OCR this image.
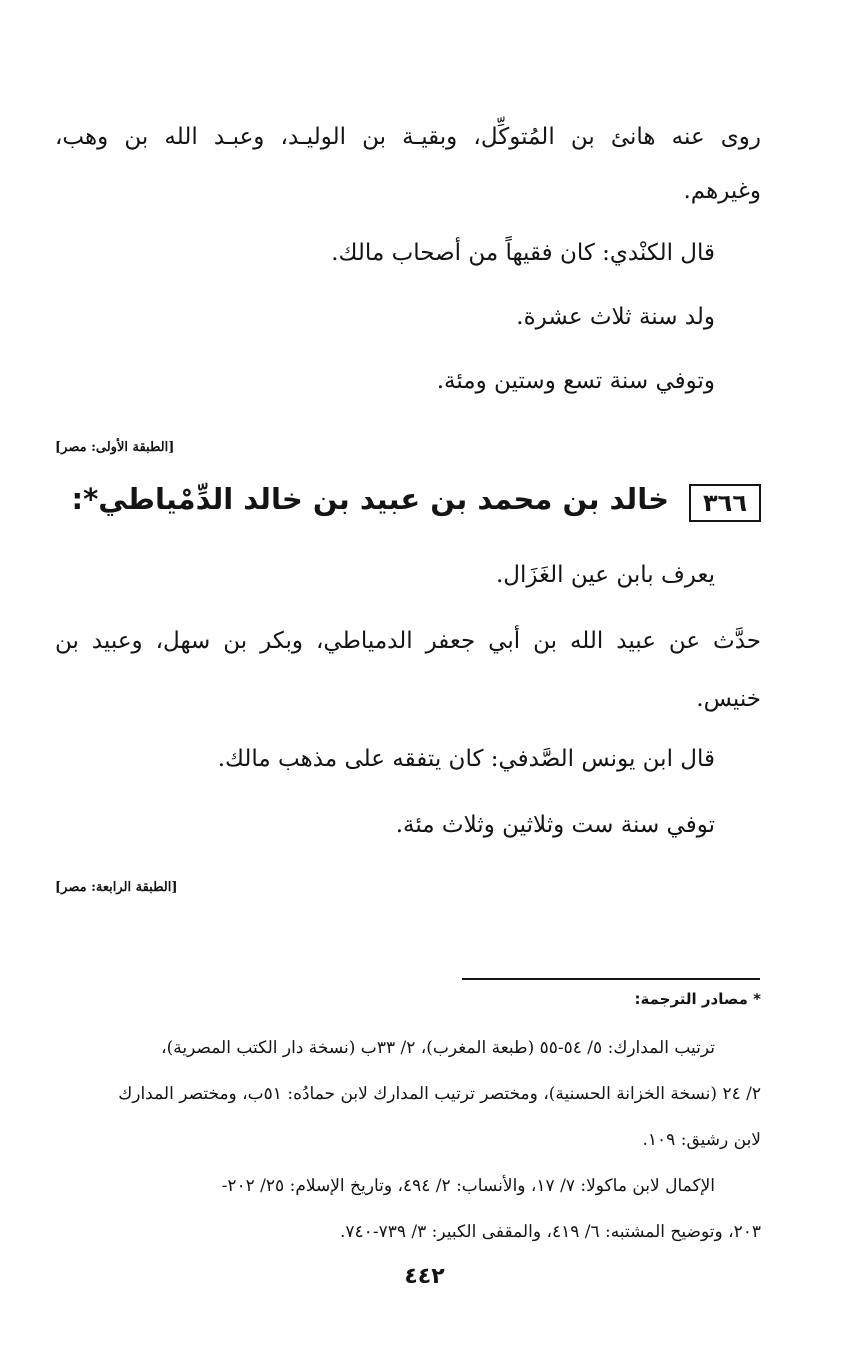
روى عنه هانئ بن المُتوكِّل، وبقيـة بن الوليـد، وعبـد الله بن وهب،
وغيرهم.
قال الكنْدي: كان فقيهاً من أصحاب مالك.
ولد سنة ثلاث عشرة.
وتوفي سنة تسع وستين ومئة.
[الطبقة الأولى: مصر]
٣٦٦
خالد بن محمد بن عبيد بن خالد الدِّمْياطي*:
يعرف بابن عين الغَزَال.
حدَّث عن عبيد الله بن أبي جعفر الدمياطي، وبكر بن سهل، وعبيد بن
خنيس.
قال ابن يونس الصَّدفي: كان يتفقه على مذهب مالك.
توفي سنة ست وثلاثين وثلاث مئة.
[الطبقة الرابعة: مصر]
* مصادر الترجمة:
ترتيب المدارك: ٥/ ٥٤-٥٥ (طبعة المغرب)، ٢/ ٣٣ب (نسخة دار الكتب المصرية)،
٢/ ٢٤ (نسخة الخزانة الحسنية)، ومختصر ترتيب المدارك لابن حمادُه: ٥١ب، ومختصر المدارك
لابن رشيق: ١٠٩.
الإكمال لابن ماكولا: ٧/ ١٧، والأنساب: ٢/ ٤٩٤، وتاريخ الإسلام: ٢٥/ ٢٠٢-
٢٠٣، وتوضيح المشتبه: ٦/ ٤١٩، والمقفى الكبير: ٣/ ٧٣٩-٧٤٠.
٤٤٢
